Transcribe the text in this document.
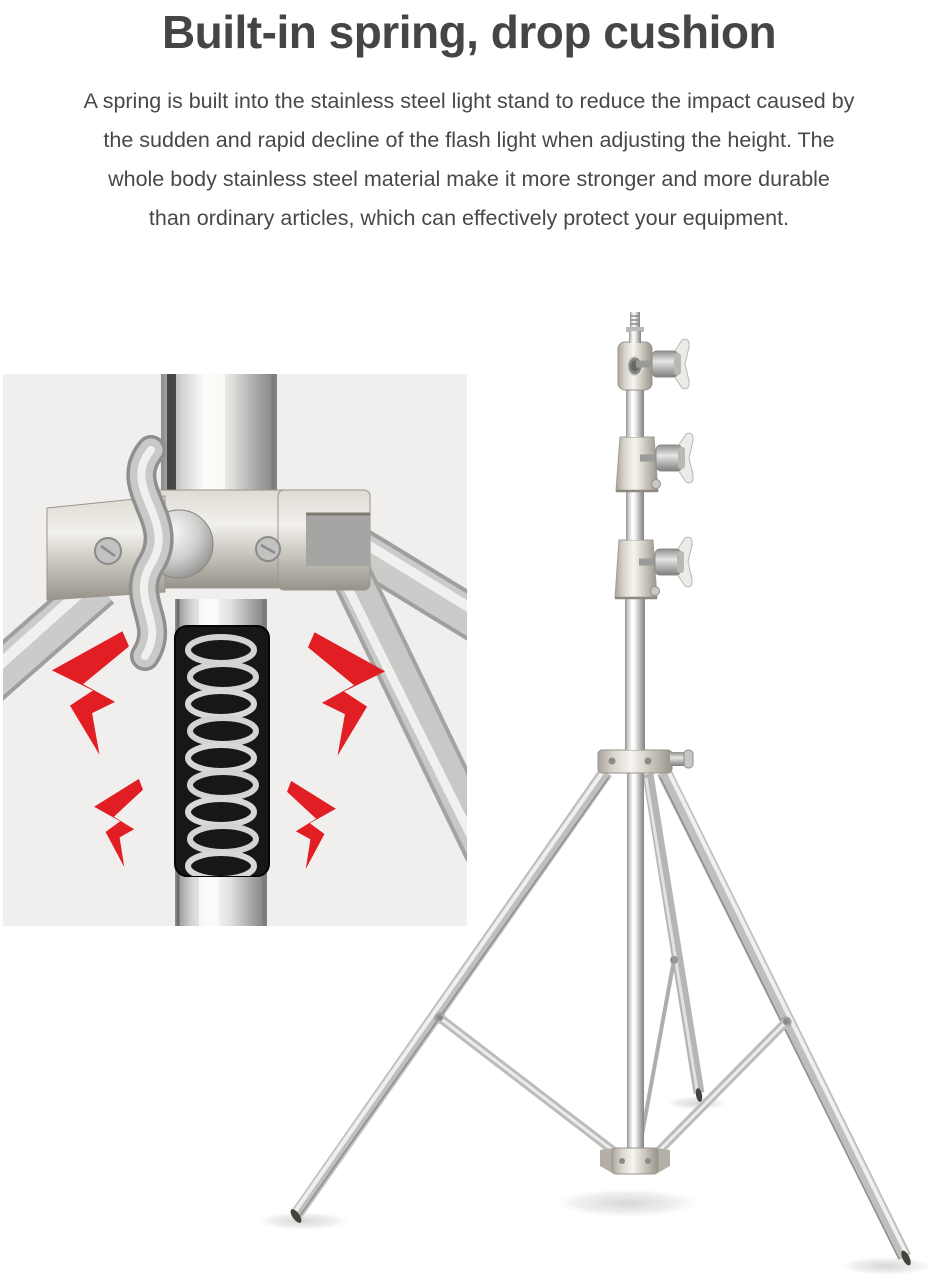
Built-in spring, drop cushion

A spring is built into the stainless steel light stand to reduce the impact caused by

the sudden and rapid decline of the flash light when adjusting the height. The

whole body stainless steel material make it more stronger and more durable

than ordinary articles, which can effectively protect your equipment.
